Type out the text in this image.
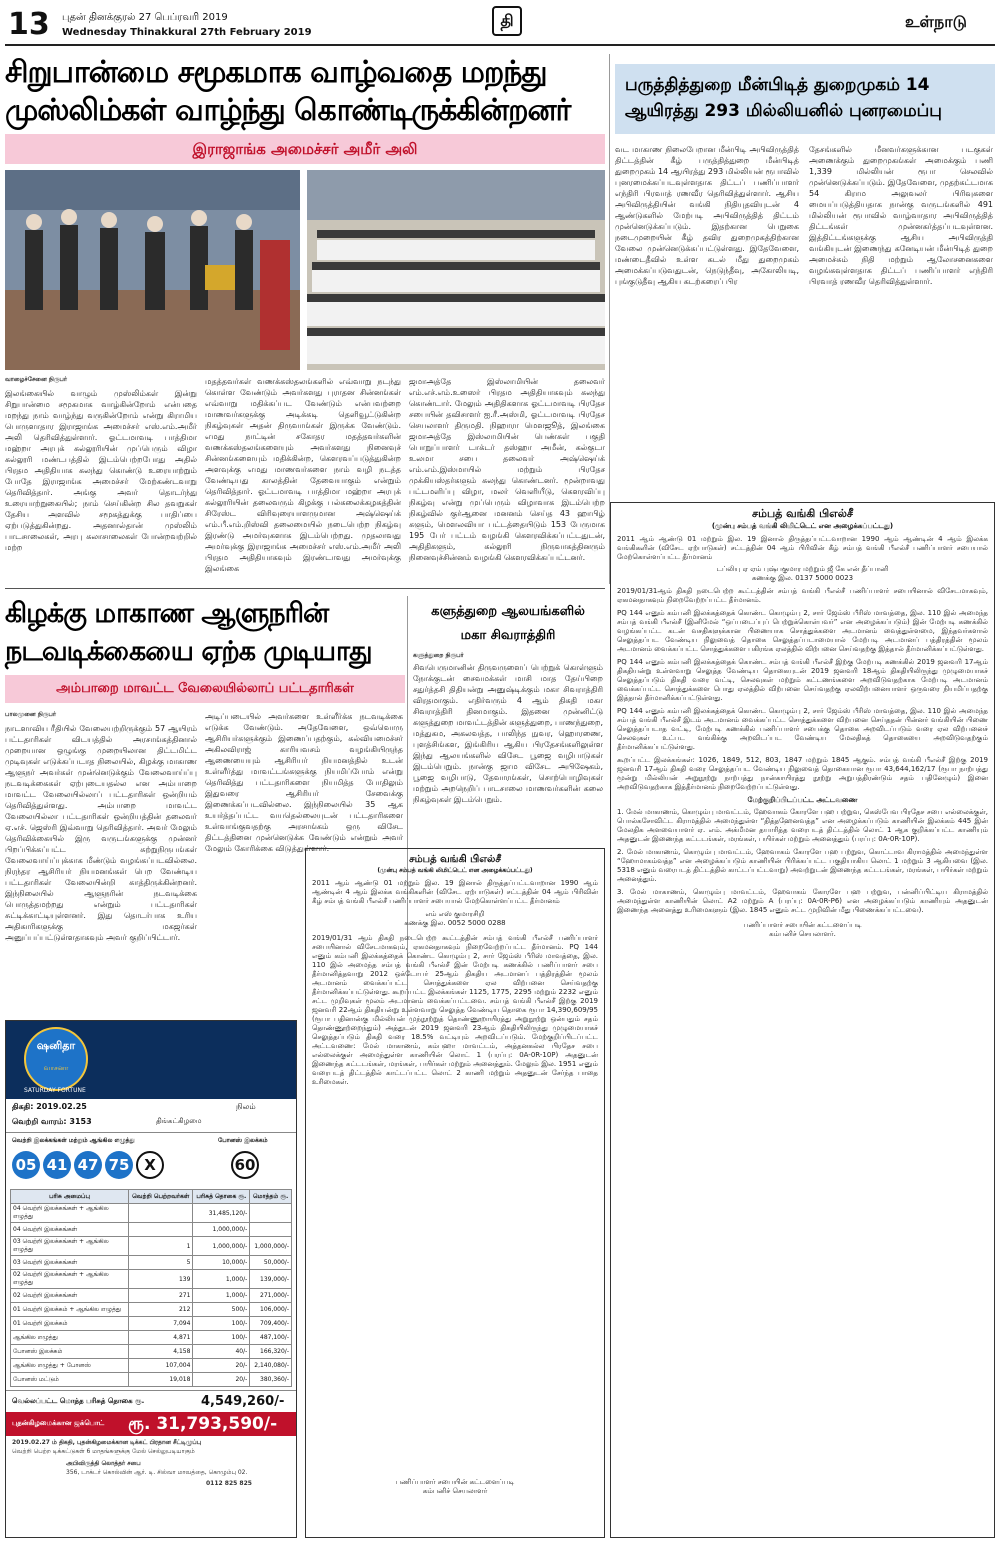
13 புதன் தினக்குரல் 27 பெப்ரவரி 2019
Wednesday Thinakkural 27th February 2019
தி	உள்நாடு
சிறுபான்மை சமூகமாக வாழ்வதை மறந்து
முஸ்லிம்கள் வாழ்ந்து கொண்டிருக்கின்றனர்
இராஜாங்க அமைச்சர் அமீர் அலி
வாழைச்சேனை நிருபர்
இலங்கையில் வாழும் முஸ்லிம்கள் இன்று சிறுபான்மை சமூகமாக வாழ்கின்றோம் என்பதை மறந்து நாம் வாழ்ந்து வருகின்றோம் என்று கிராமிய பொருளாதார இராஜாங்க அமைச்சர் எஸ்.எம்.அமீர் அலி தெரிவித்துள்ளார். ஓட்டமாவடி பாத்திமா மஹ்றா அரபுக் கல்லூரியின் முப்பெரும் விழா கல்லூரி மண்டபத்தில் இடம்பெற்றபோது அதில் பிரதம அதிதியாக கலந்து கொண்டு உரையாற்றும் போதே இராஜாங்க அமைச்சர் மேற்கண்டவாறு தெரிவித்தார். அங்கு அவர் தொடர்ந்து உரையாற்றுகையில்; நாம் செய்கின்ற சில தவறுகள் தேசிய அளவில் சமூகத்துக்கு பாதிப்பை ஏற்படுத்துகின்றது. அதனால்தான் முஸ்லிம் பாடசாலைகள், அரபு கலாசாலைகள் போன்றவற்றில் மற்ற
மதத்தவர்கள் வணக்கஸ்தலங்களில் எவ்வாறு நடந்து கொள்ள வேண்டும் அவர்களது புராதன சின்னங்கள் எவ்வாறு மதிக்கப்பட வேண்டும் என்பவற்றை மாணவர்களுக்கு அடிக்கடி தெளிவூட்டுகின்ற நிகழ்வுகள் அதன் திருவாங்கள் இருக்க வேண்டும். எமது நாட்டின் சகோதர மதத்தவர்களின் வணக்கஸ்தலங்களையும் அவர்களது நினைவுச் சின்னங்களையும் மதிக்கின்ற, கௌரவப்படுத்துகின்ற அளவுக்கு எமது மாணவர்களை நாம் வழி நடத்த வேண்டியது காலத்தின் தேவையாகும் என்றும் தெரிவித்தார். ஓட்டமாவடி பாத்திமா மஹ்றா அரபுக் கல்லூரியின் தலைவரும் கிழக்கு பல்கலைக்கழகத்தின் சிரேஸ்ட விரிவுரையாளருமான அஷ்ஷெய்க் எம்.பீ.எம்.றிஸ்வி தலைமையில் நடைபெற்ற நிகழ்வு இரண்டு அமர்வுகளாக இடம்பெற்றது. முதலாவது அமர்வுக்கு இராஜாங்க அமைச்சர் எஸ்.எம்.அமீர் அலி பிரதம அதிதியாகவும் இரண்டாவது அமர்வுக்கு இலங்கை
ஜமாஅத்தே இஸ்லாமியின் தலைவர் எம்.எச்.எம்.உஸைர் பிரதம அதிதியாகவும் கலந்து கொண்டார். மேலும் அதிதிகளாக ஓட்டமாவடி பிரதேச சபையின் தவிசாளர் ஐ.ரீ.அஸ்மி, ஓட்டமாவடி பிரதேச செயலாளர் திருமதி. நிஹாரா மௌஜூத், இலங்கை ஜமாஅத்தே இஸ்லாமியின் பெண்கள் பகுதி பொறுப்பாளர் டாக்டர் தஸ்ஹா அமீன், கல்குடா உலமா சபை தலைவர் அஷ்ஷெய்க் எம்.எம்.இஸ்மாயில் மற்றும் பிரதேச முக்கியஸ்தர்களும் கலந்து கொண்டனர். மூன்றாவது பட்டமளிப்பு விழா, மலர் வெளியீடு, கௌரவிப்பு நிகழ்வு என்று முப்பெரும் விழாவாக இடம்பெற்ற நிகழ்வில் குர்ஆனை மனனம் செய்த 43 ஹாபிழ் களும், மௌலவியா பட்டத்தையிடும் 153 பேருமாக 195 பேர் பட்டம் வழங்கி கௌரவிக்கப்பட்டதுடன், அதிதிகளும், கல்லூரி நிருவாகத்தினரும் நினைவுச்சின்னம் வழங்கி கௌரவிக்கப்பட்டனர்.
பருத்தித்துறை மீன்பிடித் துறைமுகம் 14 ஆயிரத்து 293 மில்லியனில் புனரமைப்பு
வட மாகாண நிலைபேறான மீன்பிடி அபிவிருத்தித் திட்டத்தின் கீழ் பருத்தித்துறை மீன்பிடித் துறைமுகம் 14 ஆயிரத்து 293 மில்லியன் ரூபாவில் புனரமைக்கப்படவுள்ளதாக திட்டப் பணிப்பாளர் எந்திரி பிரவாத் ரணவீர தெரிவித்துள்ளார். ஆசிய அபிவிருத்தியின் வங்கி நிதியுதவியுடன் 4 ஆண்டுகளில் மேற்படி அபிவிருத்தித் திட்டம் முன்னெடுக்கப்படும். இதற்கான பெறுகை நடைமுறையின் கீழ் தவிர துறைமுகத்திற்கான வேலை முன்னெடுக்கப்பட்டுள்ளது. இதேவேளை, மண்டைதீவில் உள்ள கடல் மீது துறைமுகம் அமைக்கப்படுவதுடன், நெடுந்தீவு, அகோலியடி, புங்குடுதீவு ஆகிய கடற்கரைப் பிர
தேசங்களில் மீனவர்களுக்கான படகுகள் அணைக்கும் துறைமுகங்கள் அமைக்கும் பணி 1,339 மில்லியன் ரூபா செலவில் முன்னெடுக்கப்படும். இதேவேளை, முதற்கட்டமாக 54 கிராம அலுவலர் பிரிவுகளை மையப்படுத்தியதாக நான்கு வருடங்களில் 491 மில்லியன் ரூபாவில் வாழ்வாதார அபிவிருத்தித் திட்டங்கள் முன்னகர்த்தப்படவுள்ளன. இத்திட்டங்களுக்கு ஆசிய அபிவிருத்தி வங்கியுடன் இணைந்து கனேடியன் மீன்பிடித் துறை அமைச்சும் நிதி மற்றும் ஆலோசனைகளை வழங்கவுள்ளதாக திட்டப் பணிப்பாளர் எந்திரி பிரவாத் ரணவீர தெரிவித்துள்ளார்.
சம்பத் வங்கி பிஎல்சீ
(முன்பு சம்பத் வங்கி லிமிட்டெட் என அழைக்கப்பட்டது)
2011 ஆம் ஆண்டு 01 மற்றும் இல. 19 இனால் திருத்தப்பட்டவாறான 1990 ஆம் ஆண்டின் 4 ஆம் இலக்க வங்கிகளின் (விசேட ஏற்பாடுகள்) சட்டத்தின் 04 ஆம் பிரிவின் கீழ் சம்பத் வங்கி பீஎல்சீ பணிப்பாளர் சபையால் மேற்கொள்ளப்பட்ட தீர்மானம்
டப்லியு ஏ ஏம் புஷ்பகுமார மற்றும் ஜீ கே என் தீப்பானி
கணக்கு இல. 0137 5000 0023
2019/01/31ஆம் திகதி நடைபெற்ற கூட்டத்தின் சம்பத் வங்கி பீஎல்சீ பணிப்பாளர் சபையினால் விசேடமாகவும், ஏகமனதாகவும் நிறைவேற்றப்பட்ட தீர்மானம்.
PQ 144 எனும் கம்பனி இலக்கத்தைக் கொண்ட கொழும்பு 2, சார் ஜேம்ஸ் பீரிஸ் மாவத்தை, இல. 110 இல் அமைந்த சம்பத் வங்கி பீஎல்சீ (இனிமேல் “ஒப்படைப்புப் பெற்றுக்கொள்பவர்” என அழைக்கப்படும்) இன் மேற்படி கணக்கில் வழங்கப்பட்ட கடன் வசதிகளுக்கான பிணையாக சொத்துக்களை அடமானம் வைத்துள்ளமை, இந்தவர்களால் செலுத்தப்பட வேண்டிய நிலுவைத் தொகை செலுத்தப்படாமையால் மேற்படி அடமானப் பத்திரத்தின் மூலம் அடமானம் வைக்கப்பட்ட சொத்துக்களை பகிரங்க ஏலத்தில் விற்பனை செய்வதற்கு இத்தால் தீர்மானிக்கப்பட்டுள்ளது.
PQ 144 எனும் கம்பனி இலக்கத்தைக் கொண்ட சம்பத் வங்கி பீஎல்சீ இற்கு மேற்படி கணக்கில் 2019 ஜனவரி 17ஆம் திகதியன்று உள்ளவாறு செலுத்த வேண்டிய தொகையுடன் 2019 ஜனவரி 18ஆம் திகதியிலிருந்து முழுமையாகச் செலுத்தப்படும் திகதி வரை வட்டி, செலவுகள் மற்றும் கட்டணங்களை அறவிடுவதற்காக மேற்படி அடமானம் வைக்கப்பட்ட சொத்துக்களை பொது ஏலத்தில் விற்பனை செய்வதற்கு ஏலவிற்பனையாளர் ஒருவரை நியமிப்பதற்கு இத்தால் தீர்மானிக்கப்பட்டுள்ளது.
PQ 144 எனும் கம்பனி இலக்கத்தைக் கொண்ட கொழும்பு 2, சார் ஜேம்ஸ் பீரிஸ் மாவத்தை, இல. 110 இல் அமைந்த சம்பத் வங்கி பீஎல்சீ இடம் அடமானம் வைக்கப்பட்ட சொத்துக்களை விற்பனை செய்ததன் பின்னர் வங்கியின் பிணை செலுத்தப்படாத வட்டி, மேற்படி கணக்கில் பணிப்பாளர் சபைக்கு தொகை அறவிடப்படும் வரை ஏல விற்பனைச் செலவுகள் உட்பட வங்கிக்கு அறவிடப்பட வேண்டிய மேலதிகத் தொகையை அறவிடுவதற்கும் தீர்மானிக்கப்பட்டுள்ளது.
கூறப்பட்ட இலக்கங்கள்: 1026, 1849, 512, 803, 1847 மற்றும் 1845 ஆகும். சம்பத் வங்கி பீஎல்சீ இற்கு 2019 ஜனவரி 17ஆம் திகதி வரை செலுத்தப்பட வேண்டிய நிலுவைத் தொகையான ரூபா 43,644,162/17 (ரூபா நாற்பத்து மூன்று மில்லியன் அறுநூற்று நாற்பத்து நான்காயிரத்து நூற்று அறுபத்திரண்டும் சதம் பதினேழும்) இனை அறவிடுவதற்காக இத்தீர்மானம் நிறைவேற்றப்பட்டுள்ளது.
மேற்குறிப்பிடப்பட்ட அட்டவணை
1. மேல் மாகாணம், கொழும்பு மாவட்டம், ஹேவாகம் கோரளே பஹ பற்றுவ, கெஸ்பேவ பிரதேச சபை எல்லைக்குள், பொல்கசோவிட்ட கிராமத்தில் அமைந்துள்ள “தித்தஹேனவத்த” என அழைக்கப்படும் காணியின் இலக்கம் 445 இன் மேலதிக அளவையாளர் ஏ. எம். அக்மீமன தயாரித்த வரைபடத் திட்டத்தில் லொட் 1 ஆக குறிக்கப்பட்ட காணியும் அதனுடன் இணைந்த கட்டடங்கள், மரங்கள், பயிர்கள் மற்றும் அனைத்தும் (பரப்பு: 0A-0R-10P).
2. மேல் மாகாணம், கொழும்பு மாவட்டம், ஹேவாகம் கோரளே பஹ பற்றுவ, கொட்டாவ கிராமத்தில் அமைந்துள்ள “ஹோமாகம்வத்த” என அழைக்கப்படும் காணியின் பிரிக்கப்பட்ட பகுதியாகிய லொட் 1 மற்றும் 3 ஆகியவை (இல. 5318 எனும் வரைபடத் திட்டத்தில் காட்டப்பட்டவாறு) அவற்றுடன் இணைந்த கட்டடங்கள், மரங்கள், பயிர்கள் மற்றும் அனைத்தும்.
3. மேல் மாகாணம், கொழும்பு மாவட்டம், ஹேவாகம் கோரளே பஹ பற்றுவ, பன்னிப்பிட்டிய கிராமத்தில் அமைந்துள்ள காணியின் லொட் A2 மற்றும் A (பரப்பு: 0A-0R-P6) என அழைக்கப்படும் காணியும் அதனுடன் இணைந்த அனைத்து உரிமைகளும் (இல. 1845 எனும் சட்ட முறிவின் மீது பிணைக்கப்பட்டவை).
பணிப்பாளர் சபையின் கட்டளைப்படி
கம்பனிச் செயலாளர்.
கிழக்கு மாகாண ஆளுநரின்
நடவடிக்கையை ஏற்க முடியாது
அம்பாறை மாவட்ட வேலையில்லாப் பட்டதாரிகள்
பாலமுனை நிருபர்
நாடளாவிய ரீதியில் வேலையற்றிருக்கும் 57 ஆயிரம் பட்டதாரிகள் விடயத்தில் அரசாங்கத்தினால் முறையான ஒழுங்கு முறையிலான திட்டமிட்ட முடிவுகள் எடுக்கப்படாத நிலையில், கிழக்கு மாகாண ஆளுநர் அவர்கள் முன்னெடுக்கும் வேலைவாய்ப்பு நடவடிக்கைகள் ஏற்புடையதல்ல என அம்பாறை மாவட்ட வேலையில்லாப் பட்டதாரிகள் ஒன்றியம் தெரிவித்துள்ளது. அம்பாறை மாவட்ட வேலையில்லா பட்டதாரிகள் ஒன்றியத்தின் தலைவர் ஏ.எச். ஜெஸ்ரி இவ்வாறு தெரிவித்தார். அவர் மேலும் தெரிவிக்கையில் இரு வருடங்களுக்கு முன்னர் பிறப்பிக்கப்பட்ட சுற்றுநிருபங்கள் வேலைவாய்ப்புக்காக மீண்டும் வழங்கப்படவில்லை. நிரந்தர ஆசிரியர் நியமனங்கள் பெற வேண்டிய பட்டதாரிகள் வேலையின்றி காத்திருக்கின்றனர். இந்நிலையில் ஆளுநரின் நடவடிக்கை பொருத்தமற்றது என்றும் பட்டதாரிகள் சுட்டிக்காட்டியுள்ளனர். இது தொடர்பாக உரிய அதிகாரிகளுக்கு மகஜர்கள் அனுப்பப்பட்டுள்ளதாகவும் அவர் குறிப்பிட்டார்.
அடிப்படையில் அவர்களை உள்ளீர்க்க நடவடிக்கை எடுக்க வேண்டும். அதேவேளை, ஒவ்வொரு ஆசிரியர்களுக்கும் இணைப்பதற்கும், கல்வியமைச்சர் அகிலவிராஜ் காரியவசம் வழங்கியிருந்த ஆணையையும் ஆசிரியர் நியமனத்தில் உடன் உள்ளீர்த்து மாவட்டங்களுக்கு நியமிப்போம் என்று தெரிவித்து பட்டதாரிகளை நியமித்த போதிலும் இதுவரை ஆசிரியர் சேவைக்கு இணைக்கப்படவில்லை. இந்நிலையில் 35 ஆக உயர்த்தப்பட்ட வயதெல்லையுடன் பட்டதாரிகளை உள்வாங்குவதற்கு அரசாங்கம் ஒரு விசேட திட்டத்தினை முன்னெடுக்க வேண்டும் என்றும் அவர் மேலும் கோரிக்கை விடுத்துள்ளார்.
களுத்துறை ஆலயங்களில்
மகா சிவராத்திரி
களுத்துறை நிருபர்
சிவபெருமானின் திருவருளைப் பெற்றுக் கொள்ளும் நோக்குடன் சைவமக்கள் மாசி மாத தேய்பிறை சதுர்த்தசி திதியன்று அனுஷ்டிக்கும் மகா சிவராத்திரி விரதமாகும். எதிர்வரும் 4 ஆம் திகதி மகா சிவராத்திரி தினமாகும். இதனை முன்னிட்டு களுத்துறை மாவட்டத்தின் களுத்துறை, பாணந்துறை, மத்துகம, அகலவத்த, பாலிந்த நுவர, ஹொரணை, புளத்சிங்கள, இங்கிரிய ஆகிய பிரதேசங்களிலுள்ள இந்து ஆலயங்களில் விசேட பூஜை வழிபாடுகள் இடம்பெறும். நான்கு ஜாம விசேட அபிஷேகம், பூஜை வழிபாடு, தேவாரங்கள், சொற்பொழிவுகள் மற்றும் அறநெறிப் பாடசாலை மாணவர்களின் கலை நிகழ்வுகள் இடம்பெறும்.
சம்பத் வங்கி பிஎல்சீ
(முன்பு சம்பத் வங்கி லிமிட்டெட் என அழைக்கப்பட்டது)
2011 ஆம் ஆண்டு 01 மற்றும் இல. 19 இனால் திருத்தப்பட்டவாறான 1990 ஆம் ஆண்டின் 4 ஆம் இலக்க வங்கிகளின் (விசேட ஏற்பாடுகள்) சட்டத்தின் 04 ஆம் பிரிவின் கீழ் சம்பத் வங்கி பீஎல்சீ பணிப்பாளர் சபையால் மேற்கொள்ளப்பட்ட தீர்மானம்
எம் எஸ் குமாரசிறி
கணக்கு இல. 0052 5000 0288
2019/01/31 ஆம் திகதி நடைபெற்ற கூட்டத்தின் சம்பத் வங்கி பீஎல்சீ பணிப்பாளர் சபையினால் விசேடமாகவும், ஏகமனதாகவும் நிறைவேற்றப்பட்ட தீர்மானம். PQ 144 எனும் கம்பனி இலக்கத்தைக் கொண்ட கொழும்பு 2, சார் ஜேம்ஸ் பீரிஸ் மாவத்தை, இல. 110 இல் அமைந்த சம்பத் வங்கி பீஎல்சீ இன் மேற்படி கணக்கில் பணிப்பாளர் சபை தீர்மானித்தவாறு 2012 ஒக்டோபர் 25ஆம் திகதிய அடமானப் பத்திரத்தின் மூலம் அடமானம் வைக்கப்பட்ட சொத்துக்களை ஏல விற்பனை செய்வதற்கு தீர்மானிக்கப்பட்டுள்ளது. கூறப்பட்ட இலக்கங்கள் 1125, 1775, 2295 மற்றும் 2232 எனும் சட்ட முறிவுகள் மூலம் அடமானம் வைக்கப்பட்டவை. சம்பத் வங்கி பீஎல்சீ இற்கு 2019 ஜனவரி 22ஆம் திகதியன்று உள்ளவாறு செலுத்த வேண்டிய தொகை ரூபா 14,390,609/95 (ரூபா பதினான்கு மில்லியன் முந்நூற்றுத் தொண்ணூறாயிரத்து அறுநூற்று ஒன்பதும் சதம் தொண்ணூற்றைந்தும்) அத்துடன் 2019 ஜனவரி 23ஆம் திகதியிலிருந்து முழுமையாகச் செலுத்தப்படும் திகதி வரை 18.5% வட்டியும் அறவிடப்படும். மேற்குறிப்பிடப்பட்ட அட்டவணை: மேல் மாகாணம், கம்பஹா மாவட்டம், அத்தனகல்ல பிரதேச சபை எல்லைக்குள் அமைந்துள்ள காணியின் லொட் 1 (பரப்பு: 0A-0R-10P) அதனுடன் இணைந்த கட்டடங்கள், மரங்கள், பயிர்கள் மற்றும் அனைத்தும். மேலும் இல. 1951 எனும் வரைபடத் திட்டத்தில் காட்டப்பட்ட லொட் 2 காணி மற்றும் அதனுடன் சேர்ந்த பாதை உரிமைகள்.
பணிப்பாளர் சபையின் கட்டளைப்படி
கம்பனிச் செயலாளர்
ஷனிதா
வாசனா
SATURDAY FORTUNE
திகதி: 2019.02.25	நிலம்
வெற்றி வாரம்: 3153	திங்கட்கிழமை
வெற்றி இலக்கங்கள் மற்றும் ஆங்கில எழுத்து	போனஸ் இலக்கம்
05 41 47 75 X	60
பரிசு அமைப்பு	வெற்றி பெற்றவர்கள்	பரிசுத் தொகை ரூ.	மொத்தம் ரூ.
04 வெற்றி இலக்கங்கள் + ஆங்கில எழுத்து		31,485,120/-	
04 வெற்றி இலக்கங்கள்		1,000,000/-	
03 வெற்றி இலக்கங்கள் + ஆங்கில எழுத்து	1	1,000,000/-	1,000,000/-
03 வெற்றி இலக்கங்கள்	5	10,000/-	50,000/-
02 வெற்றி இலக்கங்கள் + ஆங்கில எழுத்து	139	1,000/-	139,000/-
02 வெற்றி இலக்கங்கள்	271	1,000/-	271,000/-
01 வெற்றி இலக்கம் + ஆங்கில எழுத்து	212	500/-	106,000/-
01 வெற்றி இலக்கம்	7,094	100/-	709,400/-
ஆங்கில எழுத்து	4,871	100/-	487,100/-
போனஸ் இலக்கம்	4,158	40/-	166,320/-
ஆங்கில எழுத்து + போனஸ்	107,004	20/-	2,140,080/-
போனஸ் மட்டும்	19,018	20/-	380,360/-
வெல்லப்பட்ட மொத்த பரிசுத் தொகை ரூ.	4,549,260/-
புதன்கிழமைக்கான ஜக்பொட் ரூ. 31,793,590/-
2019.02.27 ம் திகதி, புதன்கிழமைக்கான டிக்கட் பிரதான சீட்டிழுப்பு
வெற்றி பெற்ற டிக்கட்டுகள் 6 மாதங்களுக்கு மேல் செல்லுபடியாகும்
அபிவிருத்தி லொத்தர் சபை
356, டாக்டர் கொல்வின் ஆர். டி. சில்வா மாவத்தை, கொழும்பு 02.
0112 825 825
